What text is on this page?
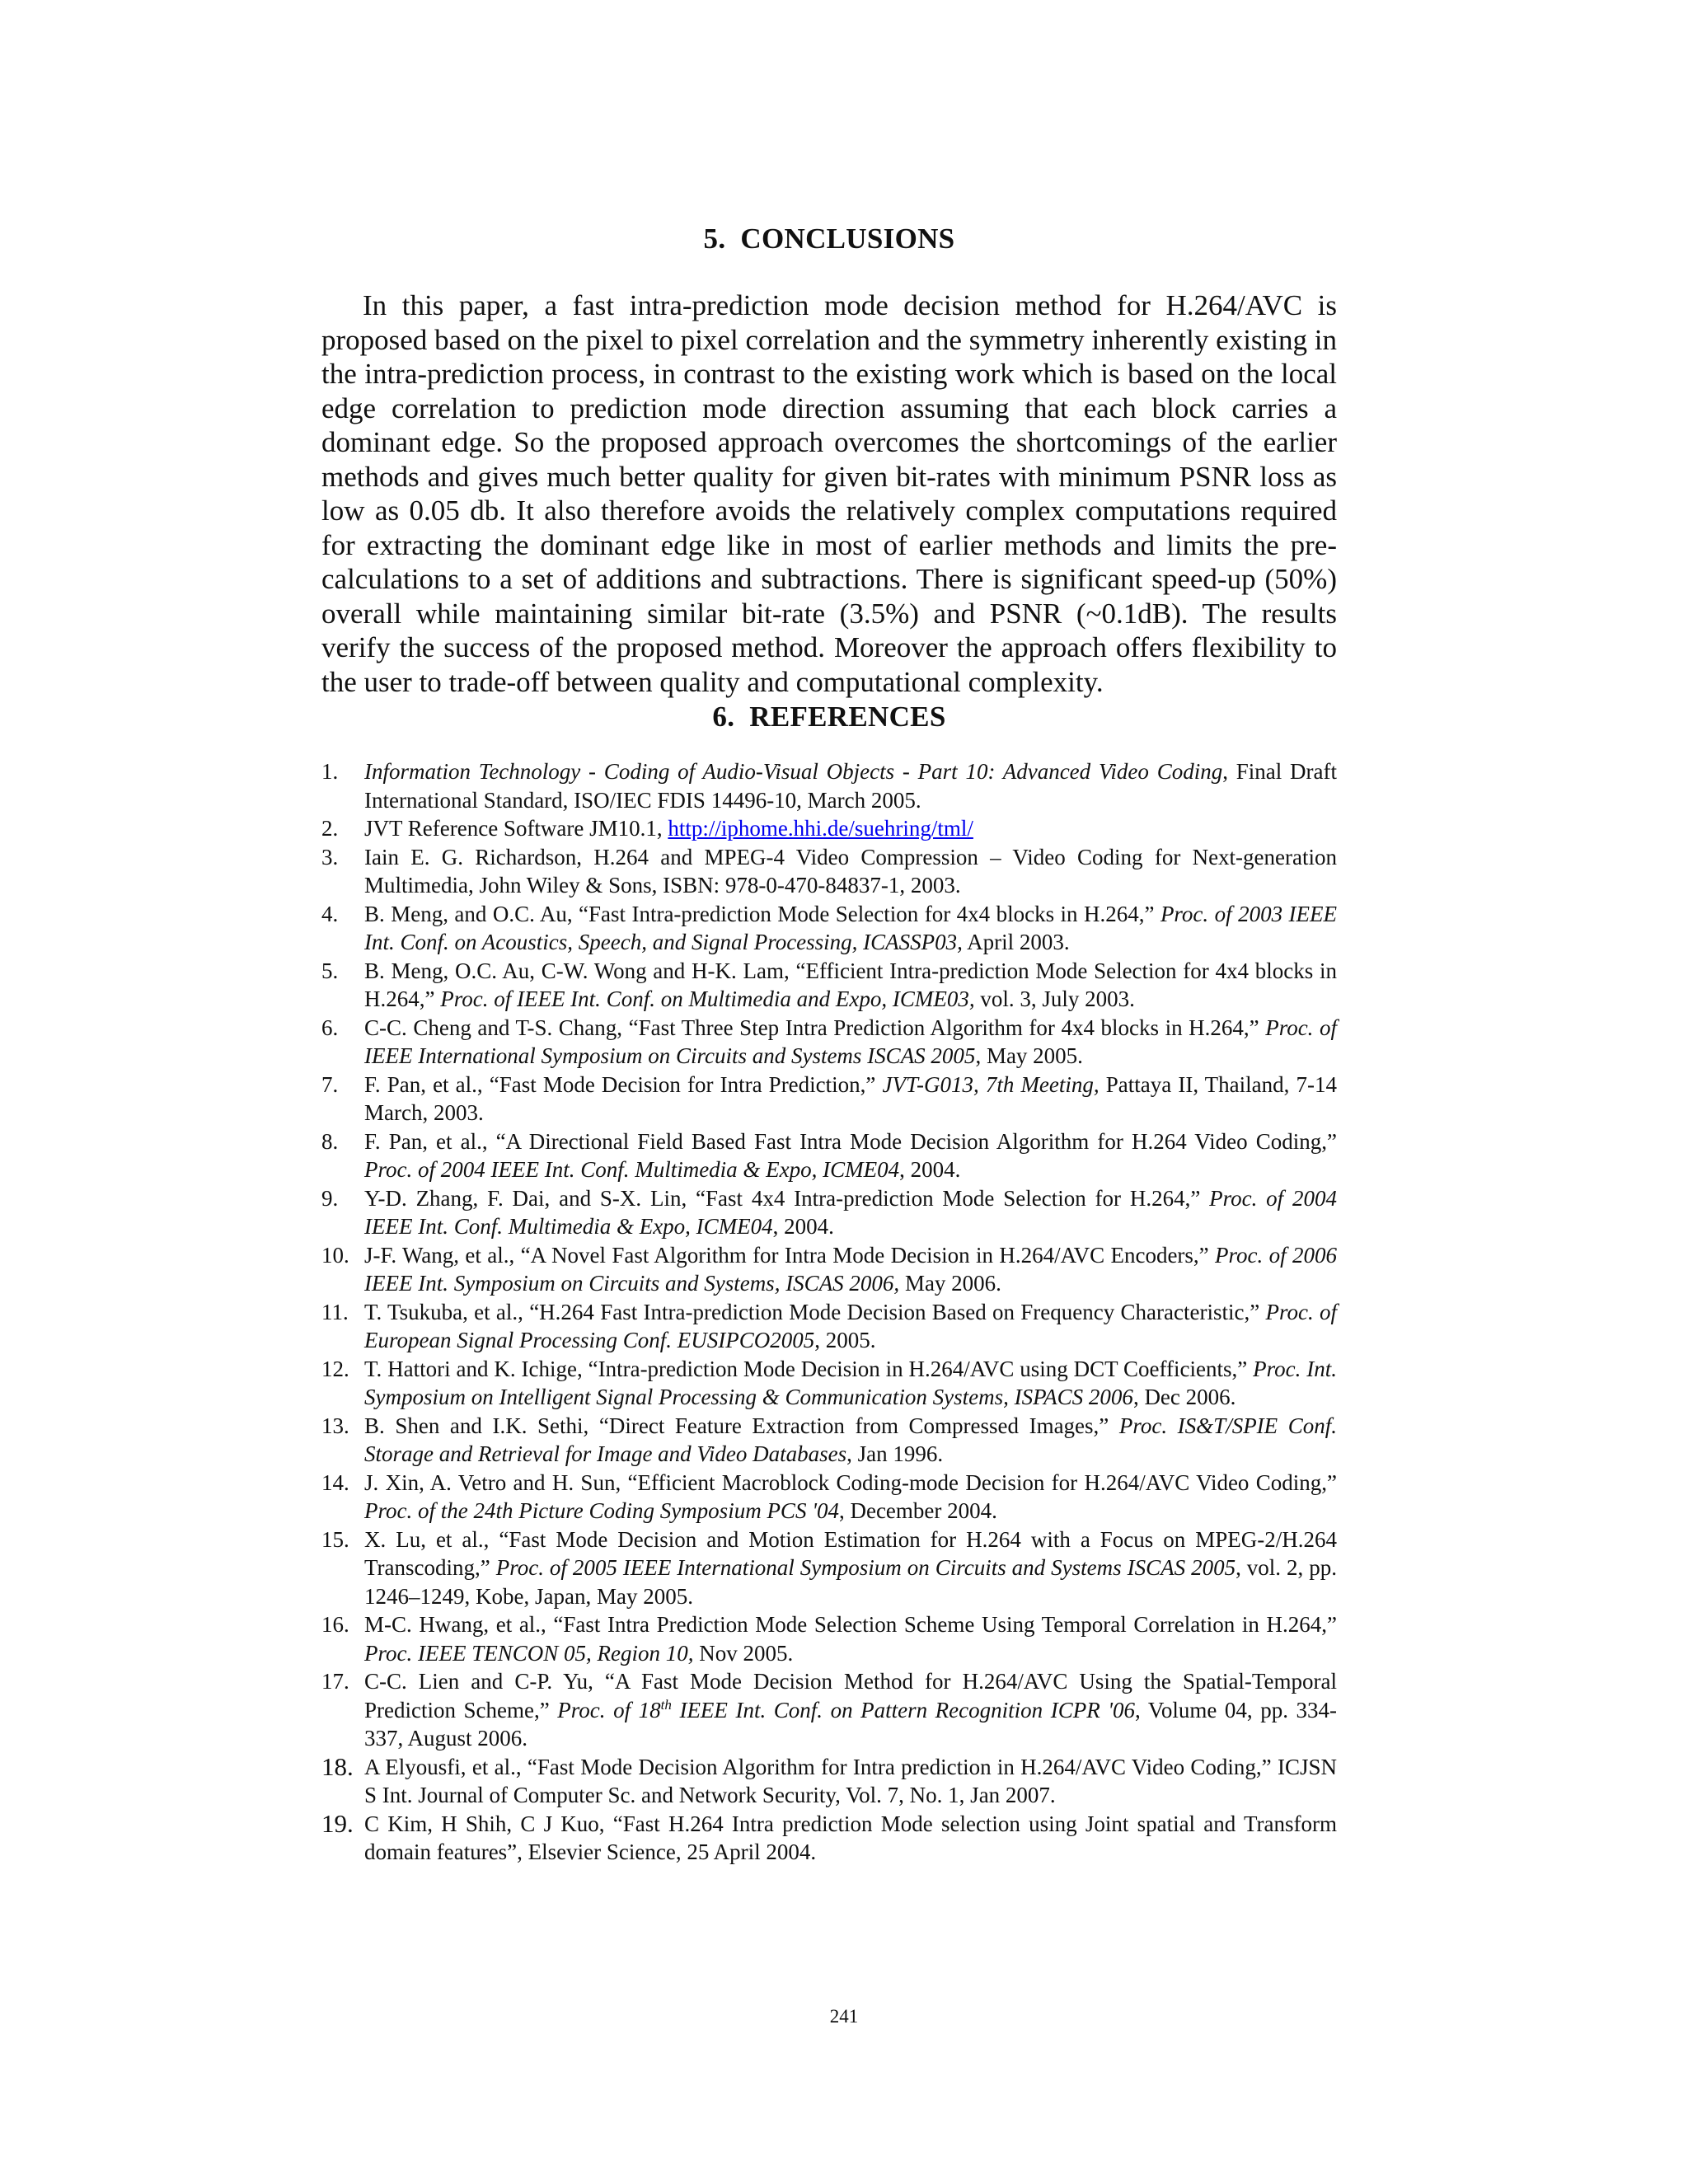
5. CONCLUSIONS

In this paper, a fast intra-prediction mode decision method for H.264/AVC is proposed based on the pixel to pixel correlation and the symmetry inherently existing in the intra-prediction process, in contrast to the existing work which is based on the local edge correlation to prediction mode direction assuming that each block carries a dominant edge. So the proposed approach overcomes the shortcomings of the earlier methods and gives much better quality for given bit-rates with minimum PSNR loss as low as 0.05 db. It also therefore avoids the relatively complex computations required for extracting the dominant edge like in most of earlier methods and limits the pre-calculations to a set of additions and subtractions. There is significant speed-up (50%) overall while maintaining similar bit-rate (3.5%) and PSNR (~0.1dB). The results verify the success of the proposed method. Moreover the approach offers flexibility to the user to trade-off between quality and computational complexity.

6. REFERENCES
1.	Information Technology - Coding of Audio-Visual Objects - Part 10: Advanced Video Coding, Final Draft International Standard, ISO/IEC FDIS 14496-10, March 2005.
2.	JVT Reference Software JM10.1, http://iphome.hhi.de/suehring/tml/
3.	Iain E. G. Richardson, H.264 and MPEG-4 Video Compression – Video Coding for Next-generation Multimedia, John Wiley & Sons, ISBN: 978-0-470-84837-1, 2003.
4.	B. Meng, and O.C. Au, “Fast Intra-prediction Mode Selection for 4x4 blocks in H.264,” Proc. of 2003 IEEE Int. Conf. on Acoustics, Speech, and Signal Processing, ICASSP03, April 2003.
5.	B. Meng, O.C. Au, C-W. Wong and H-K. Lam, “Efficient Intra-prediction Mode Selection for 4x4 blocks in H.264,” Proc. of IEEE Int. Conf. on Multimedia and Expo, ICME03, vol. 3, July 2003.
6.	C-C. Cheng and T-S. Chang, “Fast Three Step Intra Prediction Algorithm for 4x4 blocks in H.264,” Proc. of IEEE International Symposium on Circuits and Systems ISCAS 2005, May 2005.
7.	F. Pan, et al., “Fast Mode Decision for Intra Prediction,” JVT-G013, 7th Meeting, Pattaya II, Thailand, 7-14 March, 2003.
8.	F. Pan, et al., “A Directional Field Based Fast Intra Mode Decision Algorithm for H.264 Video Coding,” Proc. of 2004 IEEE Int. Conf. Multimedia & Expo, ICME04, 2004.
9.	Y-D. Zhang, F. Dai, and S-X. Lin, “Fast 4x4 Intra-prediction Mode Selection for H.264,” Proc. of 2004 IEEE Int. Conf. Multimedia & Expo, ICME04, 2004.
10. J-F. Wang, et al., “A Novel Fast Algorithm for Intra Mode Decision in H.264/AVC Encoders,” Proc. of 2006 IEEE Int. Symposium on Circuits and Systems, ISCAS 2006, May 2006.
11. T. Tsukuba, et al., “H.264 Fast Intra-prediction Mode Decision Based on Frequency Characteristic,” Proc. of European Signal Processing Conf. EUSIPCO2005, 2005.
12. T. Hattori and K. Ichige, “Intra-prediction Mode Decision in H.264/AVC using DCT Coefficients,” Proc. Int. Symposium on Intelligent Signal Processing & Communication Systems, ISPACS 2006, Dec 2006.
13. B. Shen and I.K. Sethi, “Direct Feature Extraction from Compressed Images,” Proc. IS&T/SPIE Conf. Storage and Retrieval for Image and Video Databases, Jan 1996.
14. J. Xin, A. Vetro and H. Sun, “Efficient Macroblock Coding-mode Decision for H.264/AVC Video Coding,” Proc. of the 24th Picture Coding Symposium PCS '04, December 2004.
15. X. Lu, et al., “Fast Mode Decision and Motion Estimation for H.264 with a Focus on MPEG-2/H.264 Transcoding,” Proc. of 2005 IEEE International Symposium on Circuits and Systems ISCAS 2005, vol. 2, pp. 1246–1249, Kobe, Japan, May 2005.
16. M-C. Hwang, et al., “Fast Intra Prediction Mode Selection Scheme Using Temporal Correlation in H.264,” Proc. IEEE TENCON 05, Region 10, Nov 2005.
17. C-C. Lien and C-P. Yu, “A Fast Mode Decision Method for H.264/AVC Using the Spatial-Temporal Prediction Scheme,” Proc. of 18th IEEE Int. Conf. on Pattern Recognition ICPR '06, Volume 04, pp. 334-337, August 2006.
18. A Elyousfi, et al., “Fast Mode Decision Algorithm for Intra prediction in H.264/AVC Video Coding,” ICJSN S Int. Journal of Computer Sc. and Network Security, Vol. 7, No. 1, Jan 2007.
19. C Kim, H Shih, C J Kuo, “Fast H.264 Intra prediction Mode selection using Joint spatial and Transform domain features”, Elsevier Science, 25 April 2004.
241
